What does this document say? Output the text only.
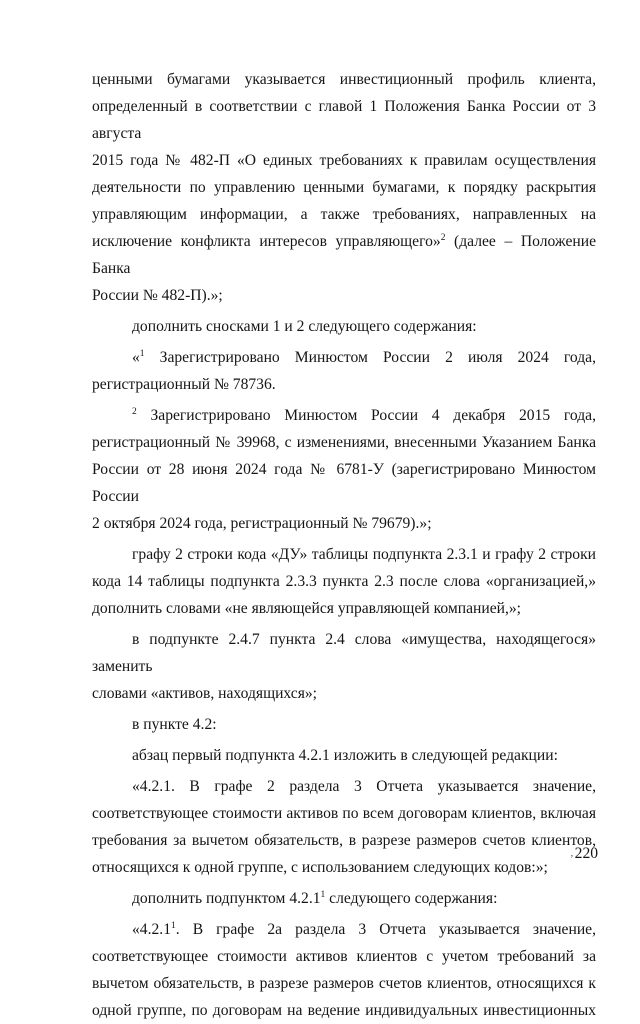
ценными бумагами указывается инвестиционный профиль клиента,

определенный в соответствии с главой 1 Положения Банка России от 3 августа

2015 года № 482-П «О единых требованиях к правилам осуществления

деятельности по управлению ценными бумагами, к порядку раскрытия

управляющим информации, а также требованиях, направленных на

исключение конфликта интересов управляющего»$^2$ (далее – Положение Банка

России № 482-П).»;

дополнить сносками 1 и 2 следующего содержания:

«$^1$ Зарегистрировано Минюстом России 2 июля 2024 года,

регистрационный № 78736.

$^2$ Зарегистрировано Минюстом России 4 декабря 2015 года,

регистрационный № 39968, с изменениями, внесенными Указанием Банка

России от 28 июня 2024 года № 6781-У (зарегистрировано Минюстом России

2 октября 2024 года, регистрационный № 79679).»;

графу 2 строки кода «ДУ» таблицы подпункта 2.3.1 и графу 2 строки

кода 14 таблицы подпункта 2.3.3 пункта 2.3 после слова «организацией,»

дополнить словами «не являющейся управляющей компанией,»;

в подпункте 2.4.7 пункта 2.4 слова «имущества, находящегося» заменить

словами «активов, находящихся»;

в пункте 4.2:

абзац первый подпункта 4.2.1 изложить в следующей редакции:

«4.2.1. В графе 2 раздела 3 Отчета указывается значение,

соответствующее стоимости активов по всем договорам клиентов, включая

требования за вычетом обязательств, в разрезе размеров счетов клиентов,

относящихся к одной группе, с использованием следующих кодов:»;

дополнить подпунктом 4.2.1$^1$ следующего содержания:

«4.2.1$^1$. В графе 2а раздела 3 Отчета указывается значение,

соответствующее стоимости активов клиентов с учетом требований за

вычетом обязательств, в разрезе размеров счетов клиентов, относящихся к

одной группе, по договорам на ведение индивидуальных инвестиционных

‚220
